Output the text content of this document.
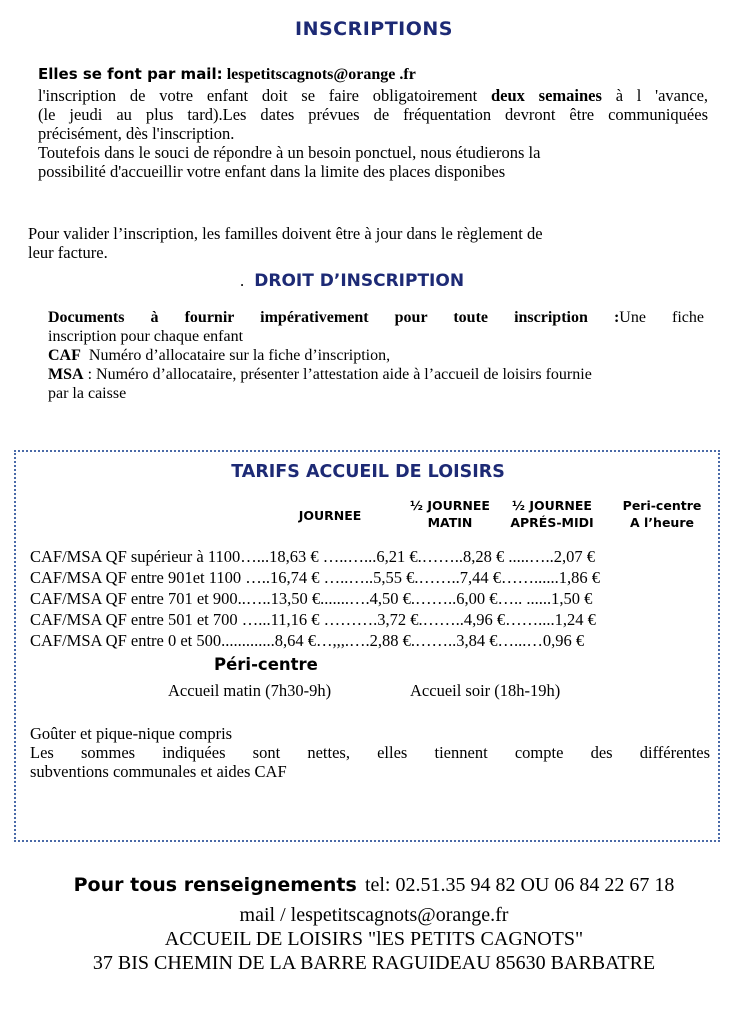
INSCRIPTIONS
Elles se font par mail: lespetitscagnots@orange .fr
l'inscription de votre enfant doit se faire obligatoirement deux semaines à l 'avance,
(le jeudi au plus tard).Les dates prévues de fréquentation devront être communiquées
précisément, dès l'inscription.
Toutefois dans le souci de répondre à un besoin ponctuel, nous étudierons la
possibilité d'accueillir votre enfant dans la limite des places disponibes
Pour valider l’inscription, les familles doivent être à jour dans le règlement de
leur facture.
. DROIT D’INSCRIPTION
Documents à fournir impérativement pour toute inscription :Une fiche
inscription pour chaque enfant
CAF Numéro d’allocataire sur la fiche d’inscription,
MSA : Numéro d’allocataire, présenter l’attestation aide à l’accueil de loisirs fournie
par la caisse
TARIFS ACCUEIL DE LOISIRS
JOURNEE
½ JOURNEE
MATIN
½ JOURNEE
APRÉS-MIDI
Peri-centre
A l’heure
CAF/MSA QF supérieur à 1100…...18,63 € …..…...6,21 €.……..8,28 € .....…..2,07 €
CAF/MSA QF entre 901et 1100 …..16,74 € …..…..5,55 €.……..7,44 €……......1,86 €
CAF/MSA QF entre 701 et 900..…..13,50 €.......….4,50 €.……..6,00 €….. ......1,50 €
CAF/MSA QF entre 501 et 700 …...11,16 € ……….3,72 €.……..4,96 €……....1,24 €
CAF/MSA QF entre 0 et 500.............8,64 €…,,,.….2,88 €.……..3,84 €…...…0,96 €
Péri-centre
Accueil matin (7h30-9h)	Accueil soir (18h-19h)
Goûter et pique-nique compris
Les sommes indiquées sont nettes, elles tiennent compte des différentes
subventions communales et aides CAF
Pour tous renseignements tel: 02.51.35 94 82 OU 06 84 22 67 18
mail / lespetitscagnots@orange.fr
ACCUEIL DE LOISIRS "lES PETITS CAGNOTS"
37 BIS CHEMIN DE LA BARRE RAGUIDEAU 85630 BARBATRE
